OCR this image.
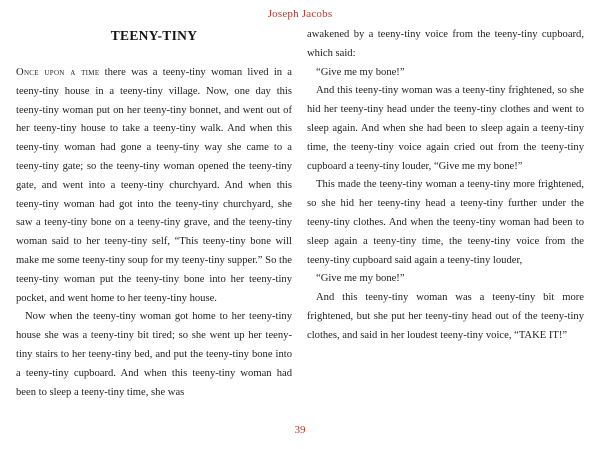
Joseph Jacobs
TEENY-TINY

Once upon a time there was a teeny-tiny woman lived in a teeny-tiny house in a teeny-tiny village. Now, one day this teeny-tiny woman put on her teeny-tiny bonnet, and went out of her teeny-tiny house to take a teeny-tiny walk. And when this teeny-tiny woman had gone a teeny-tiny way she came to a teeny-tiny gate; so the teeny-tiny woman opened the teeny-tiny gate, and went into a teeny-tiny churchyard. And when this teeny-tiny woman had got into the teeny-tiny churchyard, she saw a teeny-tiny bone on a teeny-tiny grave, and the teeny-tiny woman said to her teeny-tiny self, “This teeny-tiny bone will make me some teeny-tiny soup for my teeny-tiny supper.” So the teeny-tiny woman put the teeny-tiny bone into her teeny-tiny pocket, and went home to her teeny-tiny house.

Now when the teeny-tiny woman got home to her teeny-tiny house she was a teeny-tiny bit tired; so she went up her teeny-tiny stairs to her teeny-tiny bed, and put the teeny-tiny bone into a teeny-tiny cupboard. And when this teeny-tiny woman had been to sleep a teeny-tiny time, she was

awakened by a teeny-tiny voice from the teeny-tiny cupboard, which said:

“Give me my bone!”

And this teeny-tiny woman was a teeny-tiny frightened, so she hid her teeny-tiny head under the teeny-tiny clothes and went to sleep again. And when she had been to sleep again a teeny-tiny time, the teeny-tiny voice again cried out from the teeny-tiny cupboard a teeny-tiny louder, “Give me my bone!”

This made the teeny-tiny woman a teeny-tiny more frightened, so she hid her teeny-tiny head a teeny-tiny further under the teeny-tiny clothes. And when the teeny-tiny woman had been to sleep again a teeny-tiny time, the teeny-tiny voice from the teeny-tiny cupboard said again a teeny-tiny louder,

“Give me my bone!”

And this teeny-tiny woman was a teeny-tiny bit more frightened, but she put her teeny-tiny head out of the teeny-tiny clothes, and said in her loudest teeny-tiny voice, “TAKE IT!”

39
